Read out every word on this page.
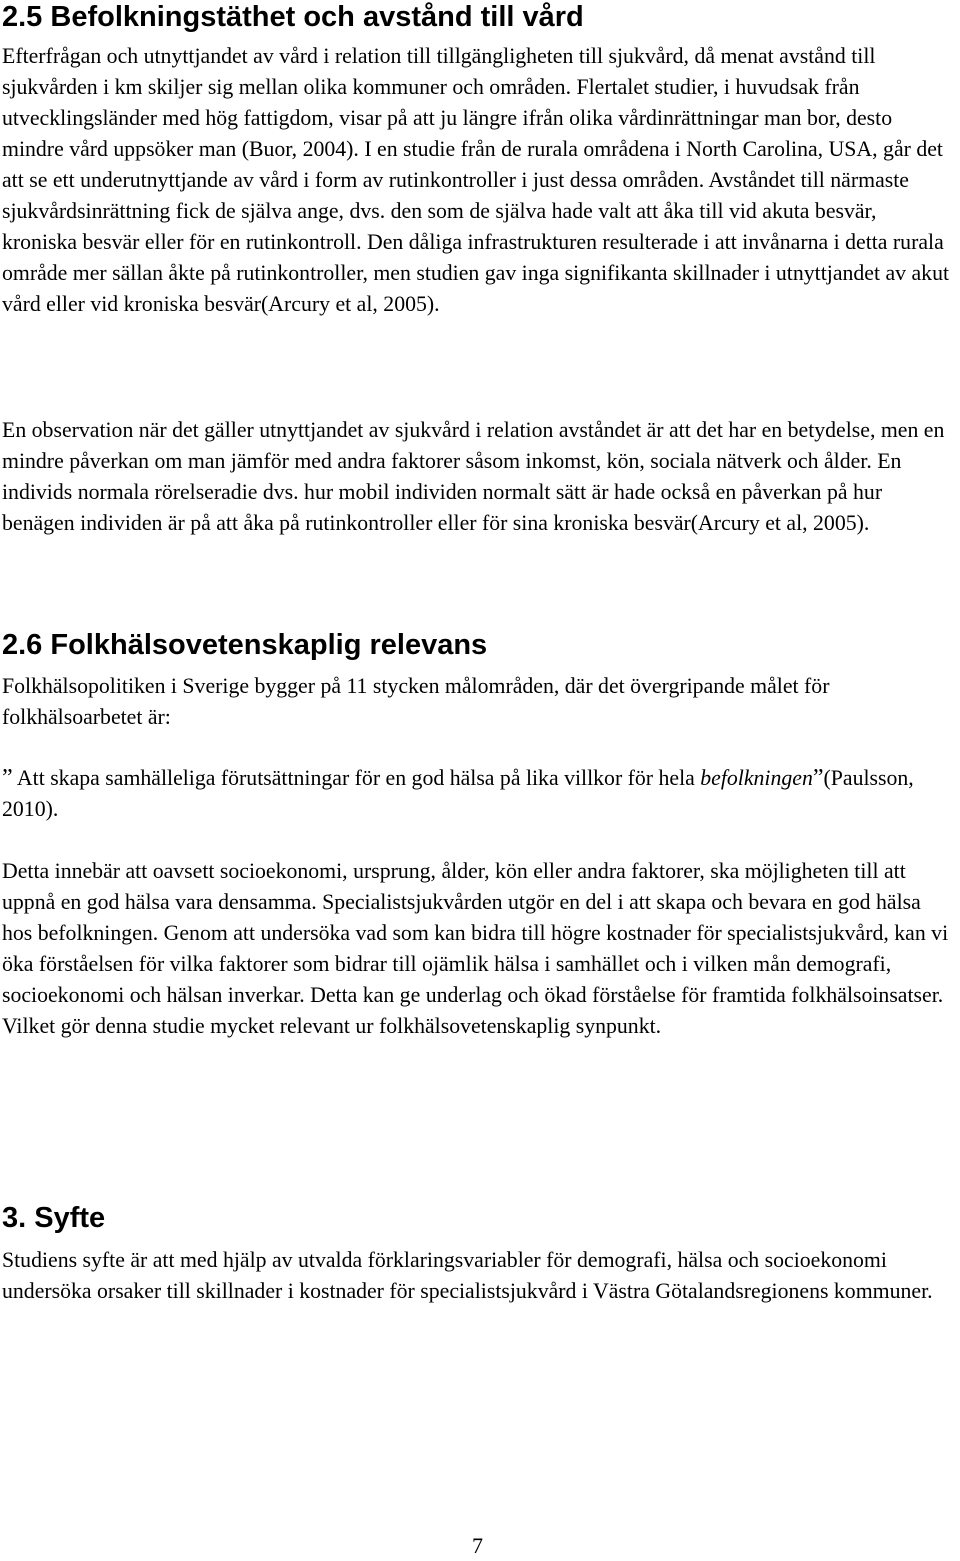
2.5 Befolkningstäthet och avstånd till vård

Efterfrågan och utnyttjandet av vård i relation till tillgängligheten till sjukvård, då menat avstånd till sjukvården i km skiljer sig mellan olika kommuner och områden. Flertalet studier, i huvudsak från utvecklingsländer med hög fattigdom, visar på att ju längre ifrån olika vårdinrättningar man bor, desto mindre vård uppsöker man (Buor, 2004). I en studie från de rurala områdena i North Carolina, USA, går det att se ett underutnyttjande av vård i form av rutinkontroller i just dessa områden. Avståndet till närmaste sjukvårdsinrättning fick de själva ange, dvs. den som de själva hade valt att åka till vid akuta besvär, kroniska besvär eller för en rutinkontroll. Den dåliga infrastrukturen resulterade i att invånarna i detta rurala område mer sällan åkte på rutinkontroller, men studien gav inga signifikanta skillnader i utnyttjandet av akut vård eller vid kroniska besvär(Arcury et al, 2005).

En observation när det gäller utnyttjandet av sjukvård i relation avståndet är att det har en betydelse, men en mindre påverkan om man jämför med andra faktorer såsom inkomst, kön, sociala nätverk och ålder. En individs normala rörelseradie dvs. hur mobil individen normalt sätt är hade också en påverkan på hur benägen individen är på att åka på rutinkontroller eller för sina kroniska besvär(Arcury et al, 2005).

2.6 Folkhälsovetenskaplig relevans

Folkhälsopolitiken i Sverige bygger på 11 stycken målområden, där det övergripande målet för folkhälsoarbetet är:

” Att skapa samhälleliga förutsättningar för en god hälsa på lika villkor för hela befolkningen”(Paulsson, 2010).

Detta innebär att oavsett socioekonomi, ursprung, ålder, kön eller andra faktorer, ska möjligheten till att uppnå en god hälsa vara densamma. Specialistsjukvården utgör en del i att skapa och bevara en god hälsa hos befolkningen. Genom att undersöka vad som kan bidra till högre kostnader för specialistsjukvård, kan vi öka förståelsen för vilka faktorer som bidrar till ojämlik hälsa i samhället och i vilken mån demografi, socioekonomi och hälsan inverkar. Detta kan ge underlag och ökad förståelse för framtida folkhälsoinsatser. Vilket gör denna studie mycket relevant ur folkhälsovetenskaplig synpunkt.

3. Syfte

Studiens syfte är att med hjälp av utvalda förklaringsvariabler för demografi, hälsa och socioekonomi undersöka orsaker till skillnader i kostnader för specialistsjukvård i Västra Götalandsregionens kommuner.

7
